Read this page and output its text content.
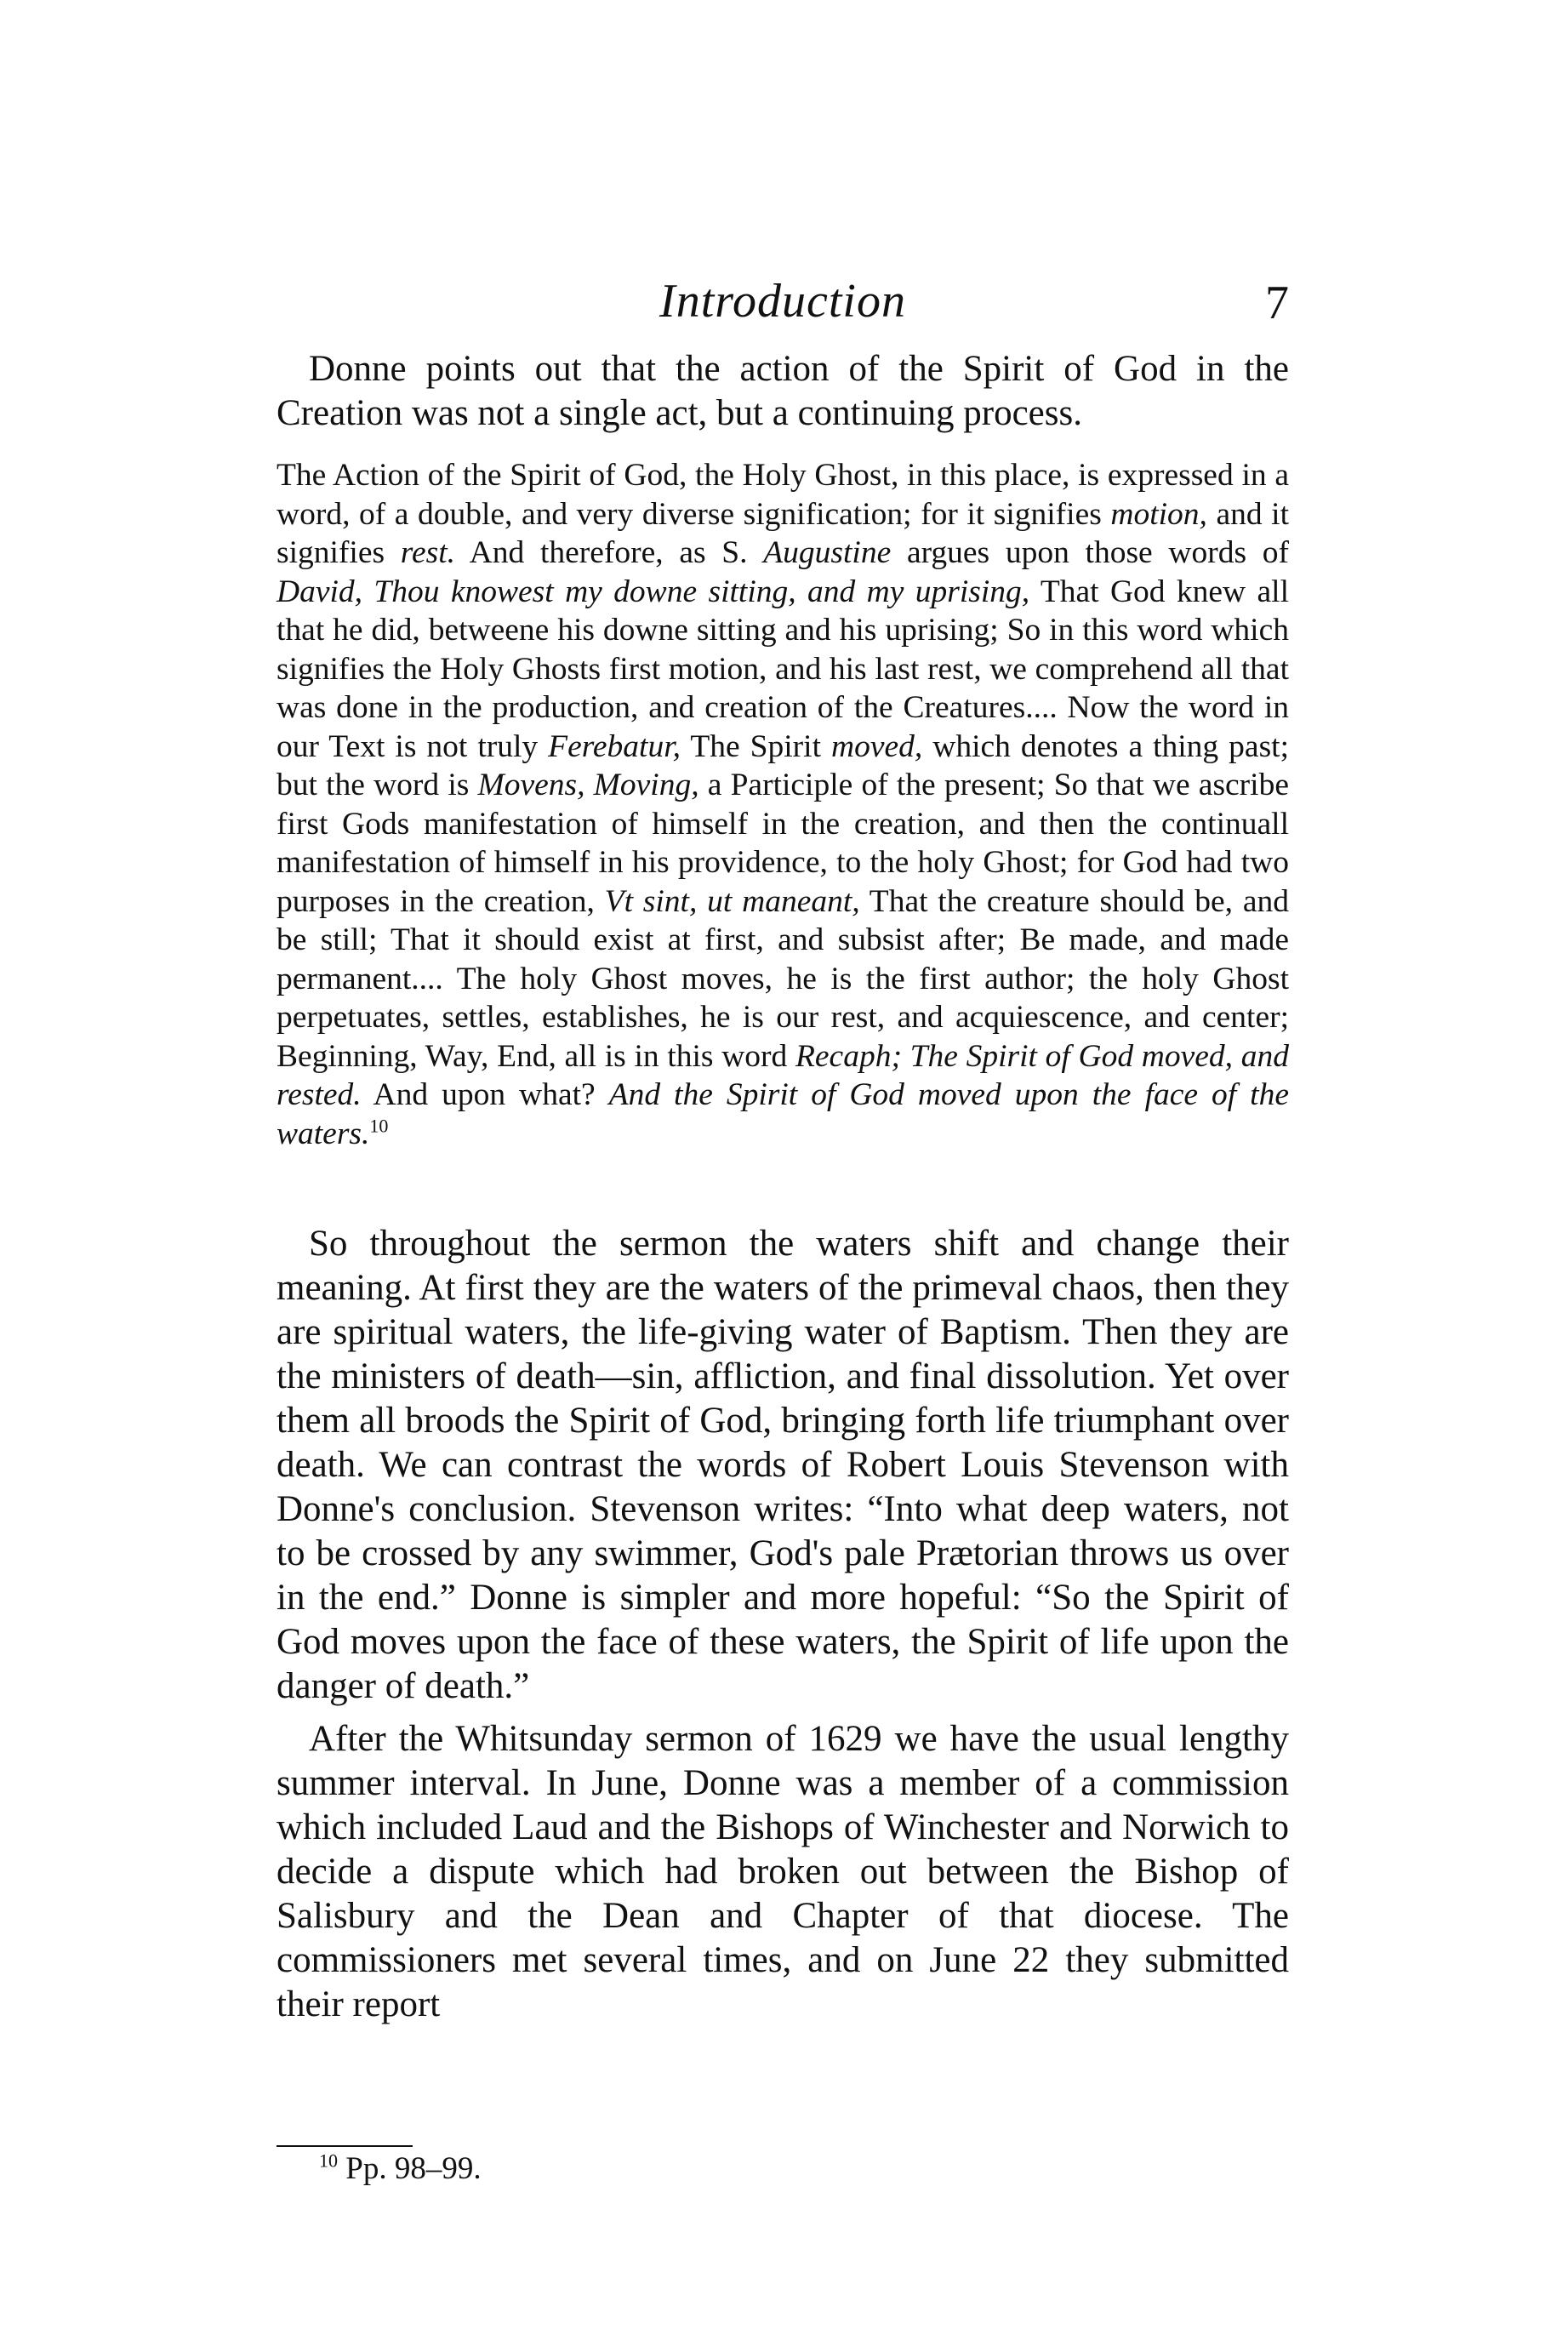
Introduction	7

Donne points out that the action of the Spirit of God in the Creation was not a single act, but a continuing process.

The Action of the Spirit of God, the Holy Ghost, in this place, is expressed in a word, of a double, and very diverse signification; for it signifies motion, and it signifies rest. And therefore, as S. Augustine argues upon those words of David, Thou knowest my downe sitting, and my uprising, That God knew all that he did, betweene his downe sitting and his uprising; So in this word which signifies the Holy Ghosts first motion, and his last rest, we comprehend all that was done in the production, and creation of the Creatures.... Now the word in our Text is not truly Ferebatur, The Spirit moved, which denotes a thing past; but the word is Movens, Moving, a Participle of the present; So that we ascribe first Gods manifestation of himself in the creation, and then the continuall manifestation of himself in his providence, to the holy Ghost; for God had two purposes in the creation, Vt sint, ut maneant, That the creature should be, and be still; That it should exist at first, and subsist after; Be made, and made permanent.... The holy Ghost moves, he is the first author; the holy Ghost perpetuates, settles, establishes, he is our rest, and acquiescence, and center; Beginning, Way, End, all is in this word Recaph; The Spirit of God moved, and rested. And upon what? And the Spirit of God moved upon the face of the waters.$^{10}$

So throughout the sermon the waters shift and change their meaning. At first they are the waters of the primeval chaos, then they are spiritual waters, the life-giving water of Baptism. Then they are the ministers of death—sin, affliction, and final dissolution. Yet over them all broods the Spirit of God, bringing forth life triumphant over death. We can contrast the words of Robert Louis Stevenson with Donne's conclusion. Stevenson writes: “Into what deep waters, not to be crossed by any swimmer, God's pale Prætorian throws us over in the end.” Donne is simpler and more hopeful: “So the Spirit of God moves upon the face of these waters, the Spirit of life upon the danger of death.”

After the Whitsunday sermon of 1629 we have the usual lengthy summer interval. In June, Donne was a member of a commission which included Laud and the Bishops of Winchester and Norwich to decide a dispute which had broken out between the Bishop of Salisbury and the Dean and Chapter of that diocese. The commissioners met several times, and on June 22 they submitted their report

$^{10}$ Pp. 98–99.
